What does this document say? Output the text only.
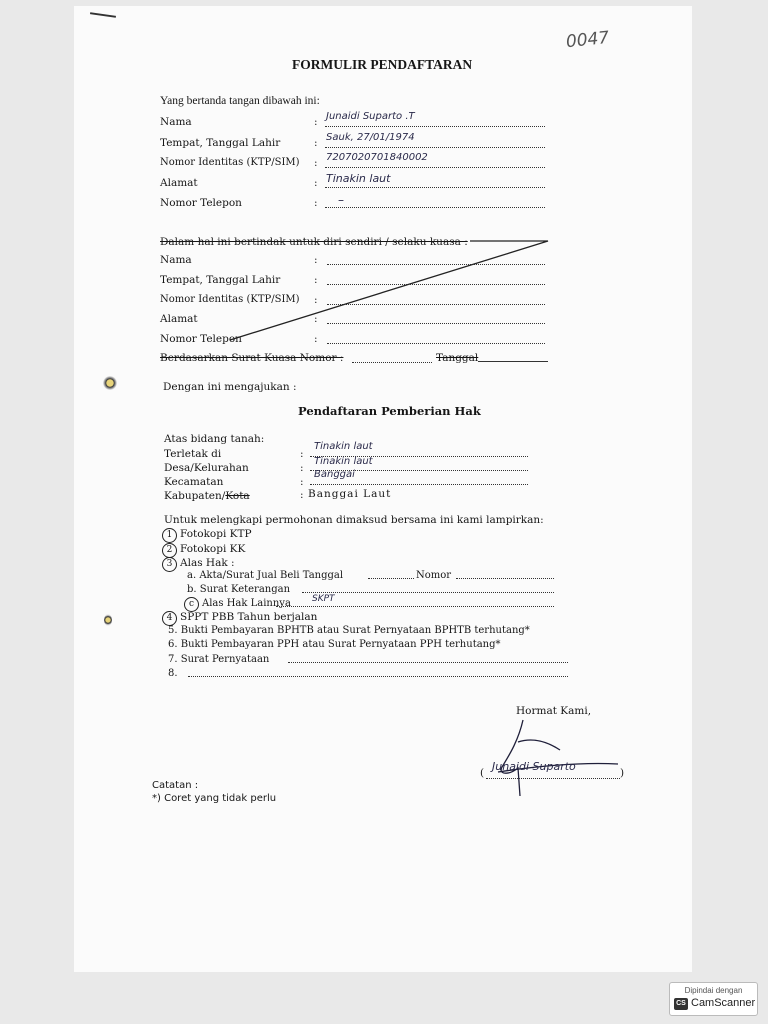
0047
FORMULIR PENDAFTARAN
Yang bertanda tangan dibawah ini:
Nama	: Junaidi Suparto .T
Tempat, Tanggal Lahir	: Sauk, 27/01/1974
Nomor Identitas (KTP/SIM) : 7207020701840002
Alamat	: Tinakin laut
Nomor Telepon	: –
Dalam hal ini bertindak untuk diri sendiri / selaku kuasa :
Nama	:
Tempat, Tanggal Lahir	:
Nomor Identitas (KTP/SIM) :
Alamat	:
Nomor Telepon	:
Berdasarkan Surat Kuasa Nomor :	Tanggal
Dengan ini mengajukan :
Pendaftaran Pemberian Hak
Atas bidang tanah:
Terletak di	:
Tinakin laut
Desa/Kelurahan	:
Tinakin laut
Kecamatan	:
Banggai
Kabupaten/Kota	: Banggai Laut
Untuk melengkapi permohonan dimaksud bersama ini kami lampirkan:
1 Fotokopi KTP
2 Fotokopi KK
3 Alas Hak :
a. Akta/Surat Jual Beli Tanggal	Nomor
b. Surat Keterangan
c Alas Hak Lainnya SKPT
4 SPPT PBB Tahun berjalan
5. Bukti Pembayaran BPHTB atau Surat Pernyataan BPHTB terhutang*
6. Bukti Pembayaran PPH atau Surat Pernyataan PPH terhutang*
7. Surat Pernyataan
8.
Hormat Kami,
( Junaidi Suparto	)
Catatan :
*) Coret yang tidak perlu
Dipindai dengan
CS CamScanner
